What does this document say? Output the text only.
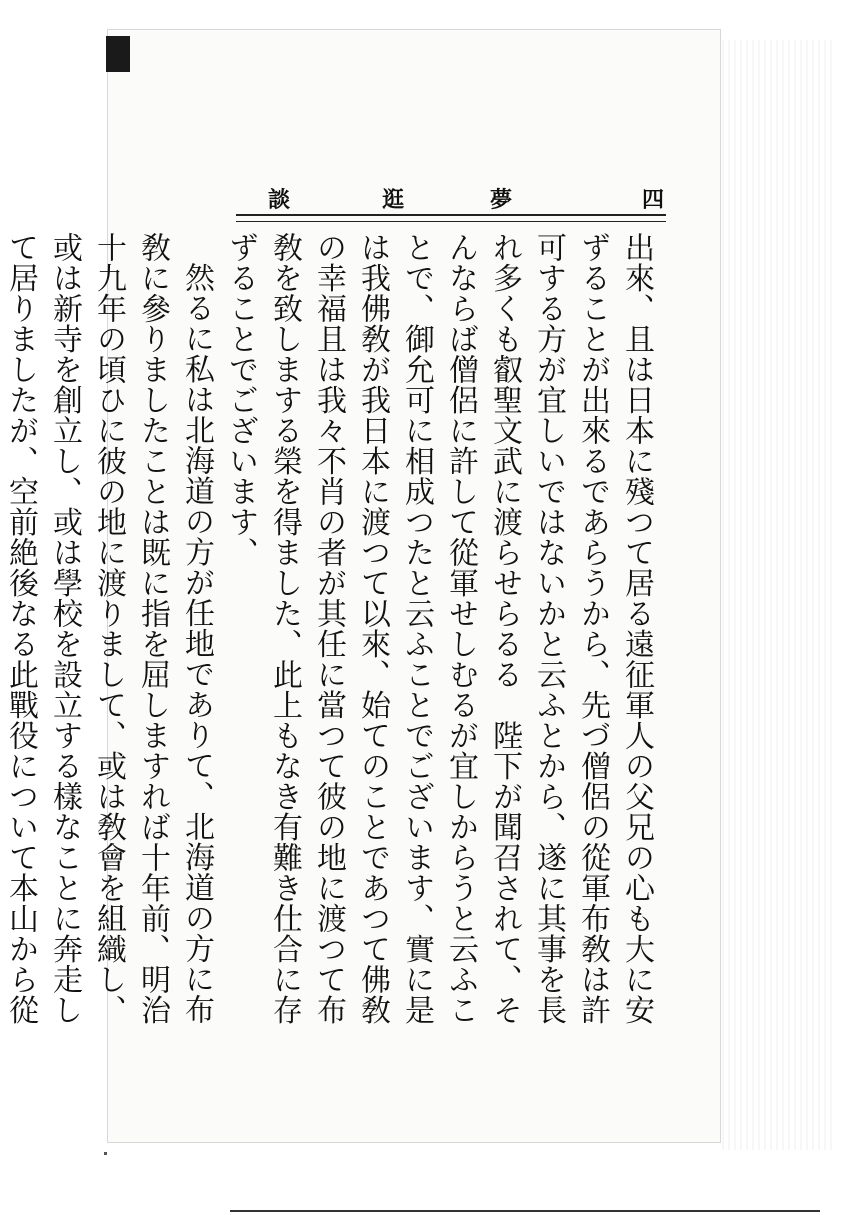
談	逛	夢	四

出來、且は日本に殘つて居る遠征軍人の父兄の心も大に安ずることが出來るであらうから、先づ僧侶の從軍布敎は許可する方が宜しいではないかと云ふとから、遂に其事を長れ多くも叡聖文武に渡らせらるる　陛下が聞召されて、そんならば僧侶に許して從軍せしむるが宜しからうと云ふことで、御允可に相成つたと云ふことでございます、實に是は我佛敎が我日本に渡つて以來、始てのことであつて佛敎の幸福且は我々不肖の者が其任に當つて彼の地に渡つて布敎を致しまする榮を得ました、此上もなき有難き仕合に存ずることでございます、

然るに私は北海道の方が任地でありて、北海道の方に布敎に參りましたことは既に指を屈しますれば十年前、明治十九年の頃ひに彼の地に渡りまして、或は敎會を組織し、或は新寺を創立し、或は學校を設立する樣なことに奔走して居りましたが、空前絶後なる此戰役について本山から從
